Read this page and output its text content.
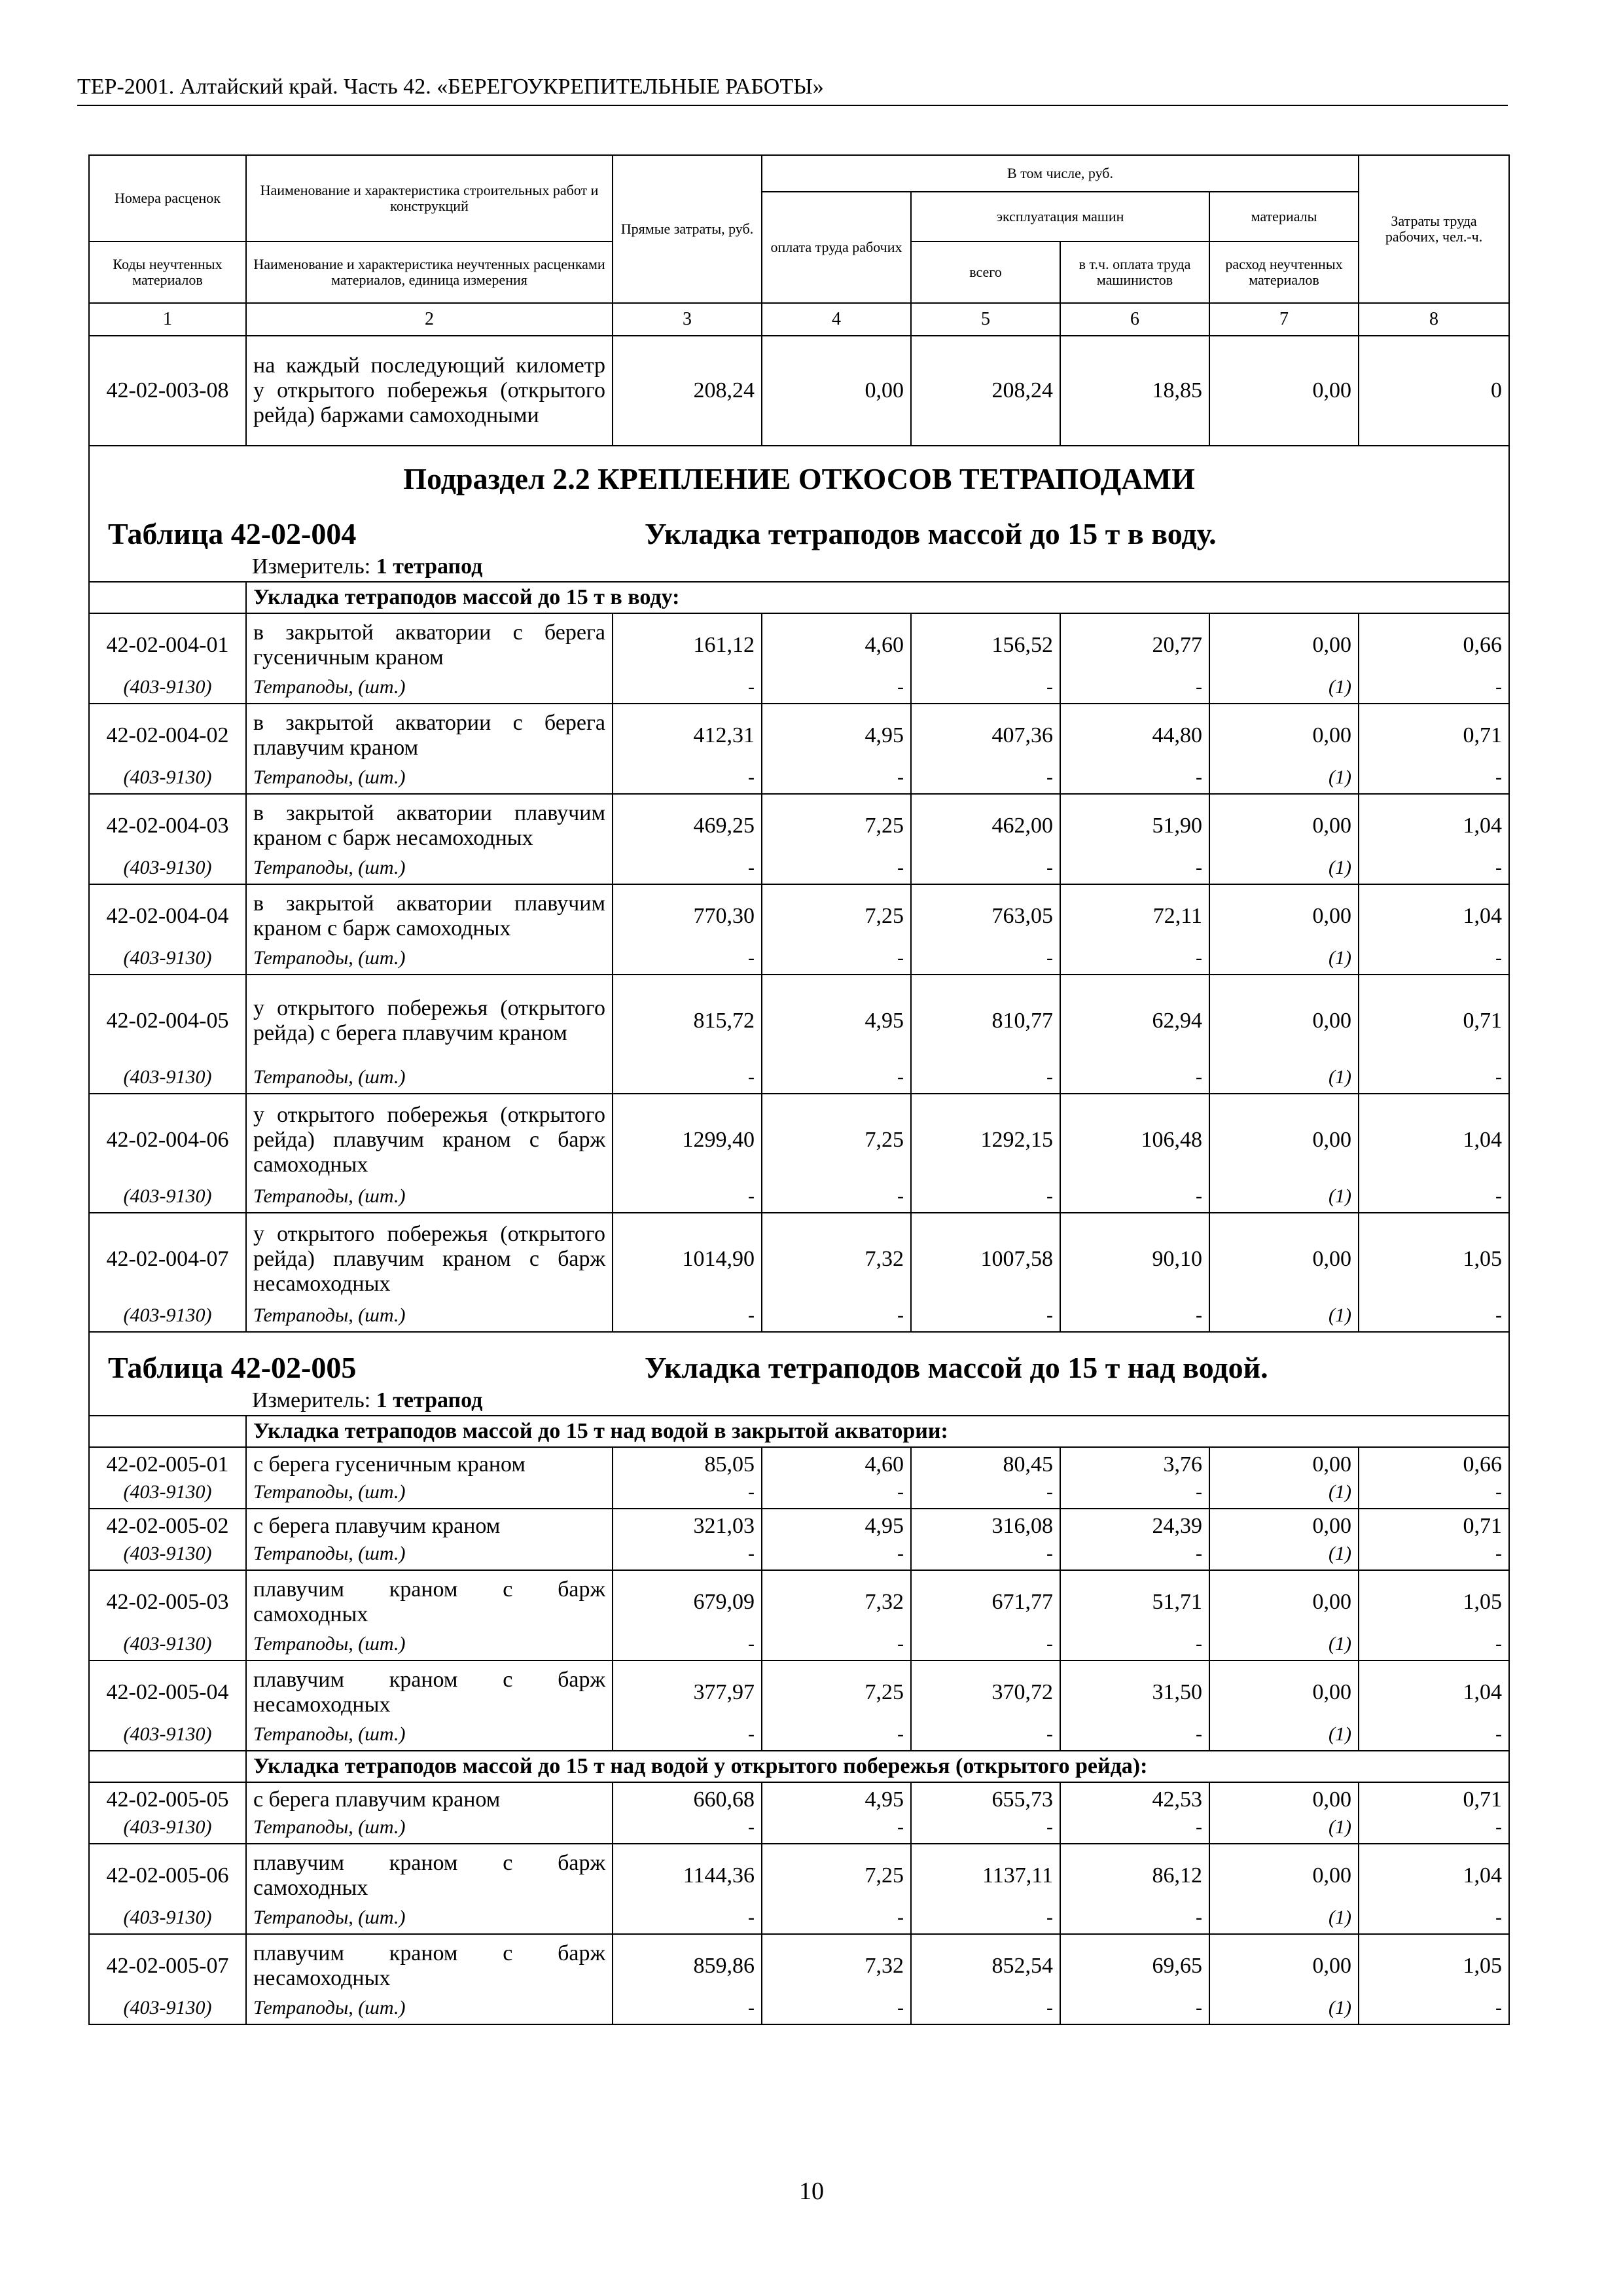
ТЕР-2001. Алтайский край. Часть 42. «БЕРЕГОУКРЕПИТЕЛЬНЫЕ РАБОТЫ»
Номера расценок	Наименование и характеристика строительных работ и конструкций	Прямые затраты, руб.	В том числе, руб.				Затраты труда рабочих, чел.-ч.
			оплата труда рабочих	эксплуатация машин		материалы	
Коды неучтенных материалов	Наименование и характеристика неучтенных расценками материалов, единица измерения			всего	в т.ч. оплата труда машинистов	расход неучтенных материалов	

1	2	3	4	5	6	7	8
42-02-003-08	на каждый последующий километр у открытого побережья (открытого рейда) баржами самоходными	208,24	0,00	208,24	18,85	0,00	0

Подраздел 2.2 КРЕПЛЕНИЕ ОТКОСОВ ТЕТРАПОДАМИ
Таблица 42-02-004 Укладка тетраподов массой до 15 т в воду.
Измеритель: 1 тетрапод							

	Укладка тетраподов массой до 15 т в воду:						
42-02-004-01	в закрытой акватории с берега гусеничным краном	161,12	4,60	156,52	20,77	0,00	0,66
(403-9130)	Тетраподы, (шт.)	-	-	-	-	(1)	-
42-02-004-02	в закрытой акватории с берега плавучим краном	412,31	4,95	407,36	44,80	0,00	0,71
(403-9130)	Тетраподы, (шт.)	-	-	-	-	(1)	-
42-02-004-03	в закрытой акватории плавучим краном с барж несамоходных	469,25	7,25	462,00	51,90	0,00	1,04
(403-9130)	Тетраподы, (шт.)	-	-	-	-	(1)	-
42-02-004-04	в закрытой акватории плавучим краном с барж самоходных	770,30	7,25	763,05	72,11	0,00	1,04
(403-9130)	Тетраподы, (шт.)	-	-	-	-	(1)	-
42-02-004-05	у открытого побережья (открытого рейда) с берега плавучим краном	815,72	4,95	810,77	62,94	0,00	0,71
(403-9130)	Тетраподы, (шт.)	-	-	-	-	(1)	-
42-02-004-06	у открытого побережья (открытого рейда) плавучим краном с барж самоходных	1299,40	7,25	1292,15	106,48	0,00	1,04
(403-9130)	Тетраподы, (шт.)	-	-	-	-	(1)	-
42-02-004-07	у открытого побережья (открытого рейда) плавучим краном с барж несамоходных	1014,90	7,32	1007,58	90,10	0,00	1,05
(403-9130)	Тетраподы, (шт.)	-	-	-	-	(1)	-

Таблица 42-02-005 Укладка тетраподов массой до 15 т над водой.
Измеритель: 1 тетрапод							

	Укладка тетраподов массой до 15 т над водой в закрытой акватории:						
42-02-005-01	с берега гусеничным краном	85,05	4,60	80,45	3,76	0,00	0,66
(403-9130)	Тетраподы, (шт.)	-	-	-	-	(1)	-
42-02-005-02	с берега плавучим краном	321,03	4,95	316,08	24,39	0,00	0,71
(403-9130)	Тетраподы, (шт.)	-	-	-	-	(1)	-
42-02-005-03	плавучим краном с барж самоходных	679,09	7,32	671,77	51,71	0,00	1,05
(403-9130)	Тетраподы, (шт.)	-	-	-	-	(1)	-
42-02-005-04	плавучим краном с барж несамоходных	377,97	7,25	370,72	31,50	0,00	1,04
(403-9130)	Тетраподы, (шт.)	-	-	-	-	(1)	-
	Укладка тетраподов массой до 15 т над водой у открытого побережья (открытого рейда):						
42-02-005-05	с берега плавучим краном	660,68	4,95	655,73	42,53	0,00	0,71
(403-9130)	Тетраподы, (шт.)	-	-	-	-	(1)	-
42-02-005-06	плавучим краном с барж самоходных	1144,36	7,25	1137,11	86,12	0,00	1,04
(403-9130)	Тетраподы, (шт.)	-	-	-	-	(1)	-
42-02-005-07	плавучим краном с барж несамоходных	859,86	7,32	852,54	69,65	0,00	1,05
(403-9130)	Тетраподы, (шт.)	-	-	-	-	(1)	-
10
